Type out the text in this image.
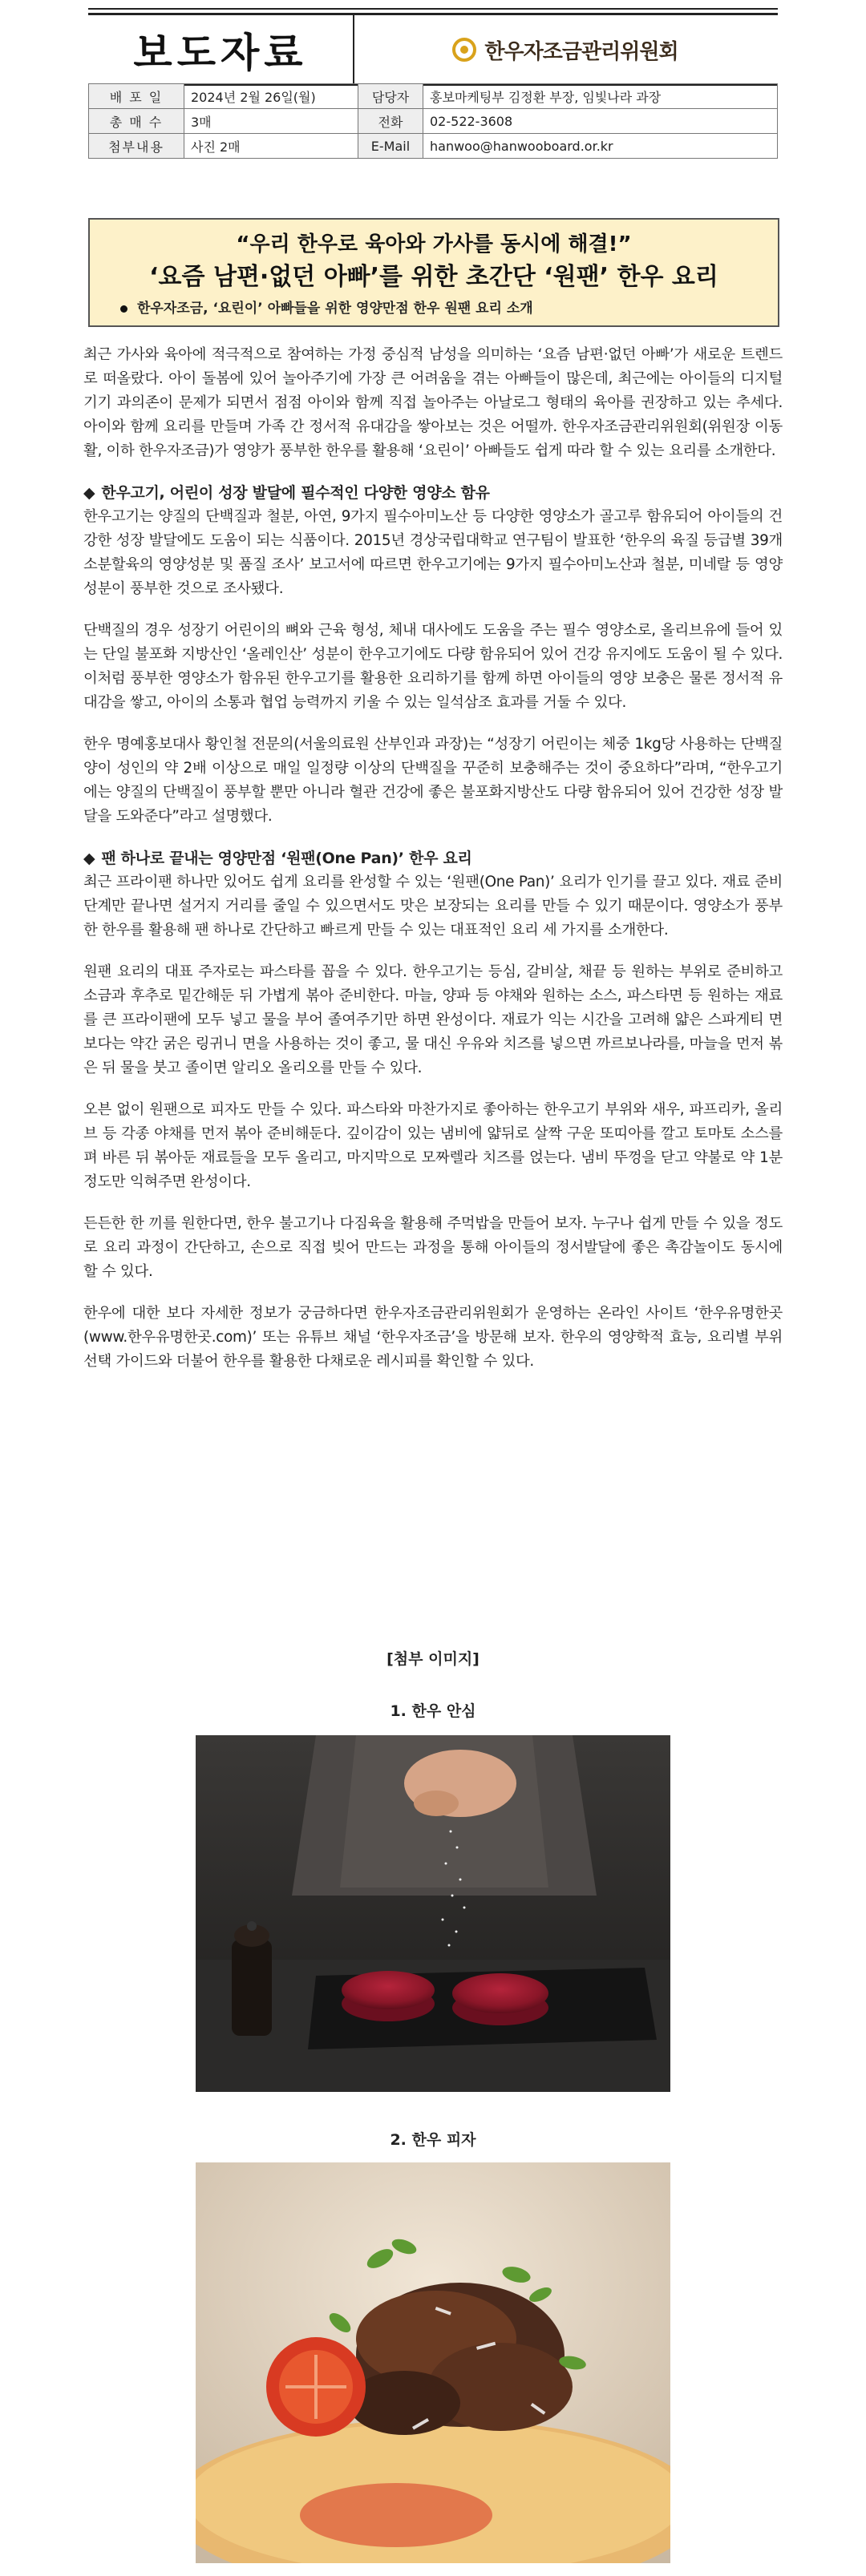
보도자료	한우자조금관리위원회
배 포 일	2024년 2월 26일(월)	담당자	홍보마케팅부 김정환 부장, 임빛나라 과장
총 매 수	3매	전화	02-522-3608
첨부내용	사진 2매	E-Mail	hanwoo@hanwooboard.or.kr
“우리 한우로 육아와 가사를 동시에 해결!”
‘요즘 남편·없던 아빠’를 위한 초간단 ‘원팬’ 한우 요리
한우자조금, ‘요린이’ 아빠들을 위한 영양만점 한우 원팬 요리 소개

최근 가사와 육아에 적극적으로 참여하는 가정 중심적 남성을 의미하는 ‘요즘 남편·없던 아빠’가 새로운 트렌드로 떠올랐다. 아이 돌봄에 있어 놀아주기에 가장 큰 어려움을 겪는 아빠들이 많은데, 최근에는 아이들의 디지털 기기 과의존이 문제가 되면서 점점 아이와 함께 직접 놀아주는 아날로그 형태의 육아를 권장하고 있는 추세다. 아이와 함께 요리를 만들며 가족 간 정서적 유대감을 쌓아보는 것은 어떨까. 한우자조금관리위원회(위원장 이동활, 이하 한우자조금)가 영양가 풍부한 한우를 활용해 ‘요린이’ 아빠들도 쉽게 따라 할 수 있는 요리를 소개한다.

◆ 한우고기, 어린이 성장 발달에 필수적인 다양한 영양소 함유

한우고기는 양질의 단백질과 철분, 아연, 9가지 필수아미노산 등 다양한 영양소가 골고루 함유되어 아이들의 건강한 성장 발달에도 도움이 되는 식품이다. 2015년 경상국립대학교 연구팀이 발표한 ‘한우의 육질 등급별 39개 소분할육의 영양성분 및 품질 조사’ 보고서에 따르면 한우고기에는 9가지 필수아미노산과 철분, 미네랄 등 영양성분이 풍부한 것으로 조사됐다.

단백질의 경우 성장기 어린이의 뼈와 근육 형성, 체내 대사에도 도움을 주는 필수 영양소로, 올리브유에 들어 있는 단일 불포화 지방산인 ‘올레인산’ 성분이 한우고기에도 다량 함유되어 있어 건강 유지에도 도움이 될 수 있다. 이처럼 풍부한 영양소가 함유된 한우고기를 활용한 요리하기를 함께 하면 아이들의 영양 보충은 물론 정서적 유대감을 쌓고, 아이의 소통과 협업 능력까지 키울 수 있는 일석삼조 효과를 거둘 수 있다.

한우 명예홍보대사 황인철 전문의(서울의료원 산부인과 과장)는 “성장기 어린이는 체중 1kg당 사용하는 단백질 양이 성인의 약 2배 이상으로 매일 일정량 이상의 단백질을 꾸준히 보충해주는 것이 중요하다”라며, “한우고기에는 양질의 단백질이 풍부할 뿐만 아니라 혈관 건강에 좋은 불포화지방산도 다량 함유되어 있어 건강한 성장 발달을 도와준다”라고 설명했다.

◆ 팬 하나로 끝내는 영양만점 ‘원팬(One Pan)’ 한우 요리

최근 프라이팬 하나만 있어도 쉽게 요리를 완성할 수 있는 ‘원팬(One Pan)’ 요리가 인기를 끌고 있다. 재료 준비 단계만 끝나면 설거지 거리를 줄일 수 있으면서도 맛은 보장되는 요리를 만들 수 있기 때문이다. 영양소가 풍부한 한우를 활용해 팬 하나로 간단하고 빠르게 만들 수 있는 대표적인 요리 세 가지를 소개한다.

원팬 요리의 대표 주자로는 파스타를 꼽을 수 있다. 한우고기는 등심, 갈비살, 채끝 등 원하는 부위로 준비하고 소금과 후추로 밑간해둔 뒤 가볍게 볶아 준비한다. 마늘, 양파 등 야채와 원하는 소스, 파스타면 등 원하는 재료를 큰 프라이팬에 모두 넣고 물을 부어 졸여주기만 하면 완성이다. 재료가 익는 시간을 고려해 얇은 스파게티 면보다는 약간 굵은 링귀니 면을 사용하는 것이 좋고, 물 대신 우유와 치즈를 넣으면 까르보나라를, 마늘을 먼저 볶은 뒤 물을 붓고 졸이면 알리오 올리오를 만들 수 있다.

오븐 없이 원팬으로 피자도 만들 수 있다. 파스타와 마찬가지로 좋아하는 한우고기 부위와 새우, 파프리카, 올리브 등 각종 야채를 먼저 볶아 준비해둔다. 깊이감이 있는 냄비에 얇뒤로 살짝 구운 또띠아를 깔고 토마토 소스를 펴 바른 뒤 볶아둔 재료들을 모두 올리고, 마지막으로 모짜렐라 치즈를 얹는다. 냄비 뚜껑을 닫고 약불로 약 1분 정도만 익혀주면 완성이다.

든든한 한 끼를 원한다면, 한우 불고기나 다짐육을 활용해 주먹밥을 만들어 보자. 누구나 쉽게 만들 수 있을 정도로 요리 과정이 간단하고, 손으로 직접 빚어 만드는 과정을 통해 아이들의 정서발달에 좋은 촉감놀이도 동시에 할 수 있다.

한우에 대한 보다 자세한 정보가 궁금하다면 한우자조금관리위원회가 운영하는 온라인 사이트 ‘한우유명한곳(www.한우유명한곳.com)’ 또는 유튜브 채널 ‘한우자조금’을 방문해 보자. 한우의 영양학적 효능, 요리별 부위 선택 가이드와 더불어 한우를 활용한 다채로운 레시피를 확인할 수 있다.

[첨부 이미지]
1. 한우 안심
2. 한우 피자
